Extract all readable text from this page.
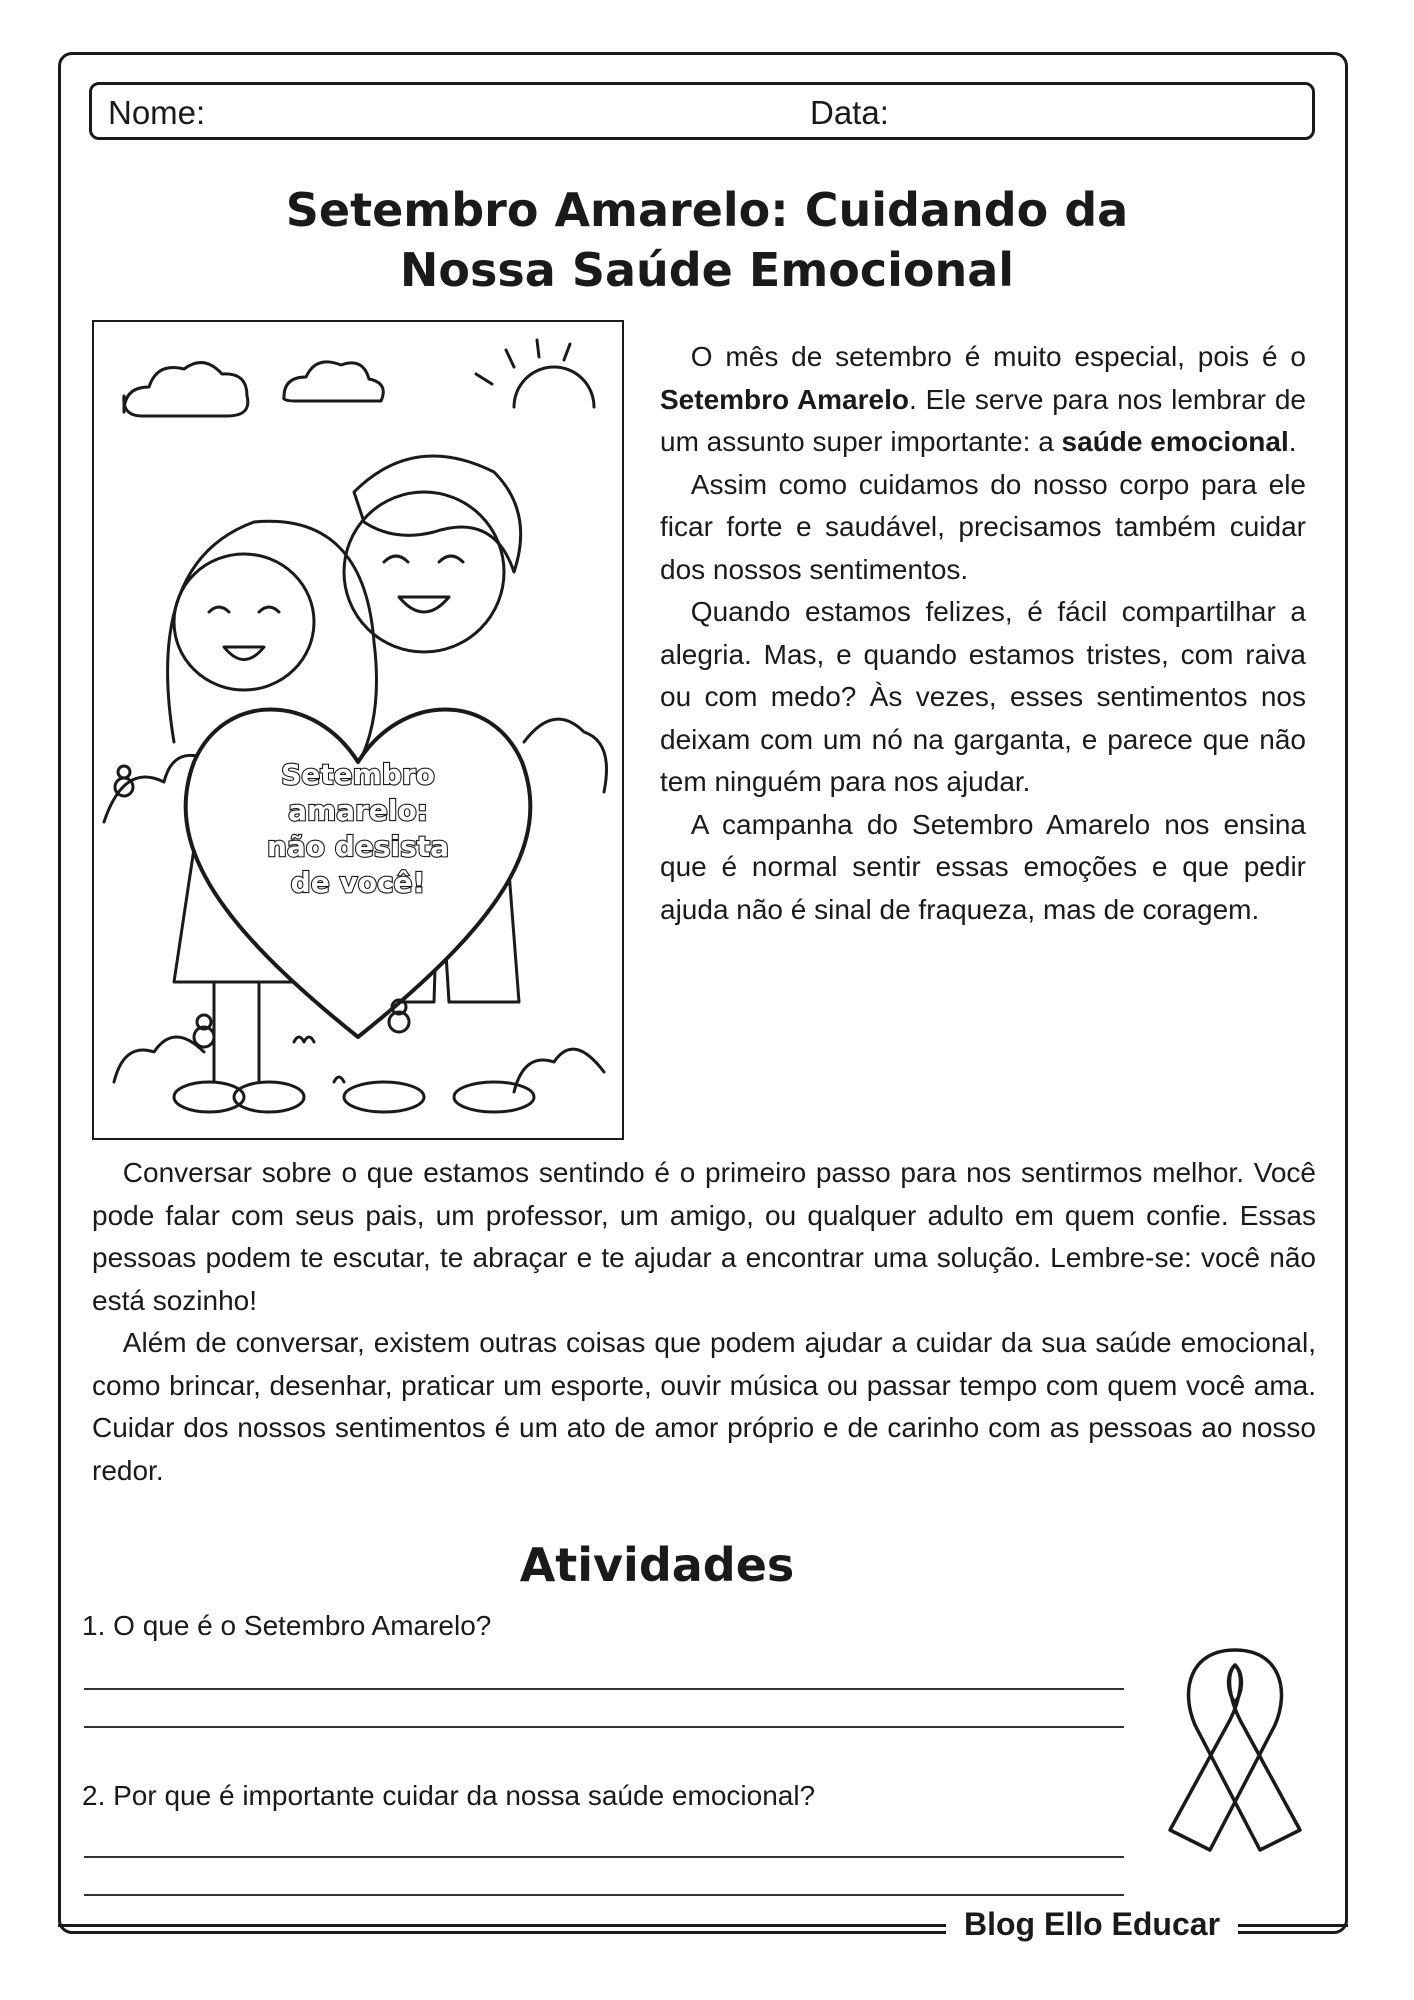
Nome:	Data:
Setembro Amarelo: Cuidando da
Nossa Saúde Emocional
Setembro
amarelo:
não desista
de você!

O mês de setembro é muito especial, pois é o Setembro Amarelo. Ele serve para nos lembrar de um assunto super importante: a saúde emocional.

Assim como cuidamos do nosso corpo para ele ficar forte e saudável, precisamos também cuidar dos nossos sentimentos.

Quando estamos felizes, é fácil compartilhar a alegria. Mas, e quando estamos tristes, com raiva ou com medo? Às vezes, esses sentimentos nos deixam com um nó na garganta, e parece que não tem ninguém para nos ajudar.

A campanha do Setembro Amarelo nos ensina que é normal sentir essas emoções e que pedir ajuda não é sinal de fraqueza, mas de coragem.

Conversar sobre o que estamos sentindo é o primeiro passo para nos sentirmos melhor. Você pode falar com seus pais, um professor, um amigo, ou qualquer adulto em quem confie. Essas pessoas podem te escutar, te abraçar e te ajudar a encontrar uma solução. Lembre-se: você não está sozinho!

Além de conversar, existem outras coisas que podem ajudar a cuidar da sua saúde emocional, como brincar, desenhar, praticar um esporte, ouvir música ou passar tempo com quem você ama. Cuidar dos nossos sentimentos é um ato de amor próprio e de carinho com as pessoas ao nosso redor.

Atividades
1. O que é o Setembro Amarelo?
2. Por que é importante cuidar da nossa saúde emocional?
Blog Ello Educar
